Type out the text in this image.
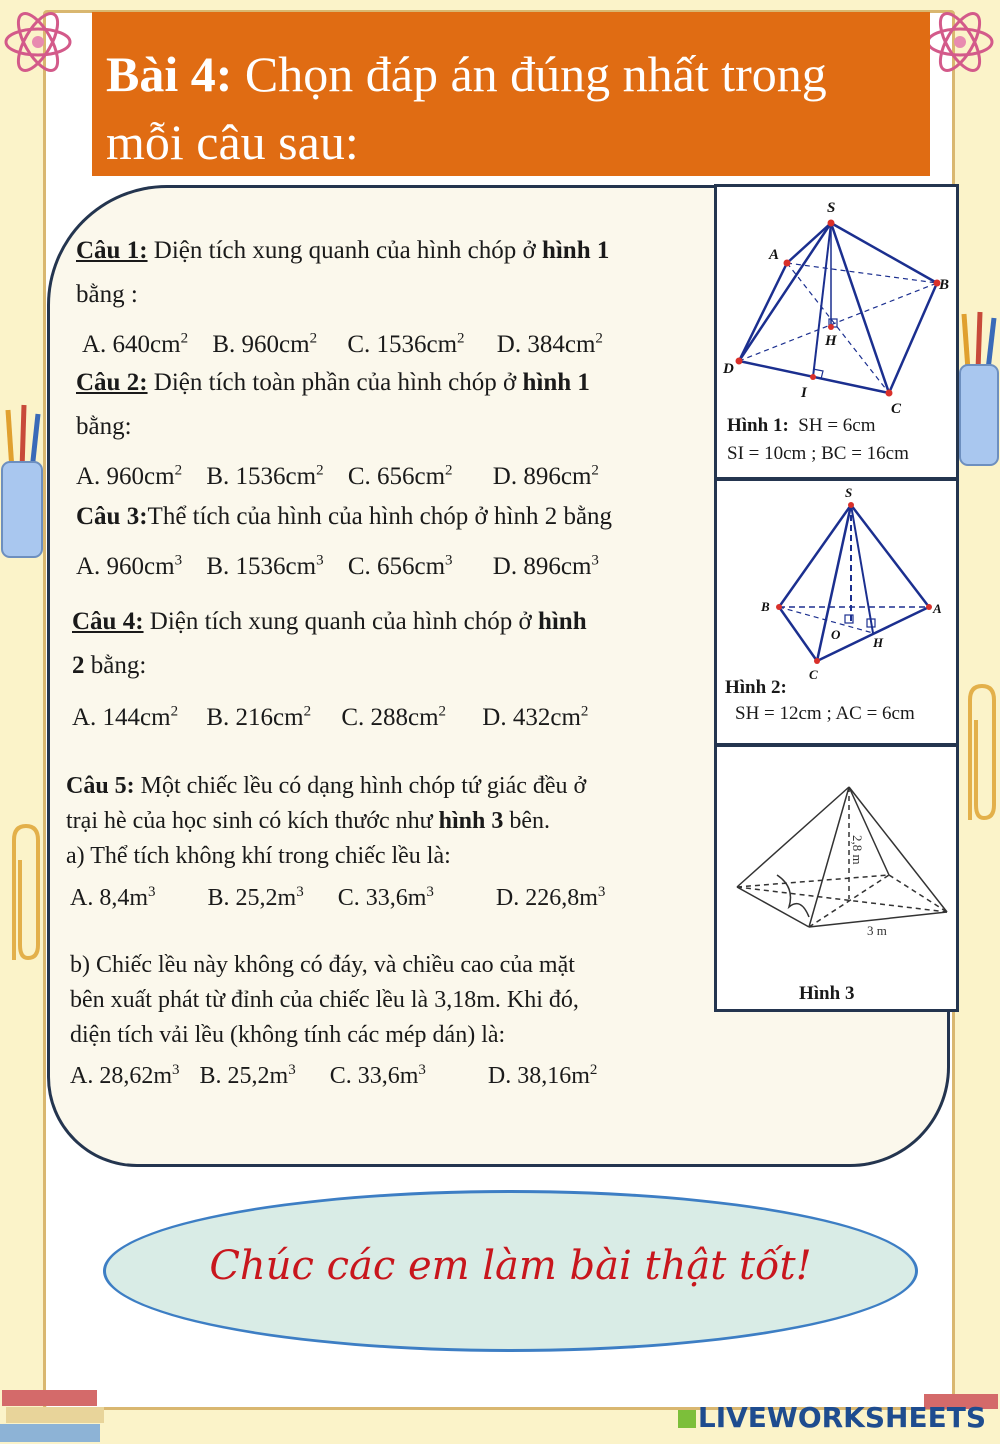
Bài 4: Chọn đáp án đúng nhất trong mỗi câu sau:
Câu 1: Diện tích xung quanh của hình chóp ở hình 1
bằng :
A. $640cm^2$ B. $960cm^2$ C. $1536cm^2$ D. $384cm^2$
Câu 2: Diện tích toàn phần của hình chóp ở hình 1
bằng:
A. $960cm^2$ B. $1536cm^2$ C. $656cm^2$ D. $896cm^2$
Câu 3:Thể tích của hình của hình chóp ở hình 2 bằng
A. $960cm^3$ B. $1536cm^3$ C. $656cm^3$ D. $896cm^3$
Câu 4: Diện tích xung quanh của hình chóp ở hình
2 bằng:
A. $144cm^2$ B. $216cm^2$ C. $288cm^2$ D. $432cm^2$
Câu 5: Một chiếc lều có dạng hình chóp tứ giác đều ở
trại hè của học sinh có kích thước như hình 3 bên.
a) Thể tích không khí trong chiếc lều là:
A. $8,4m^3$ B. $25,2m^3$ C. $33,6m^3$	D. $226,8m^3$
b) Chiếc lều này không có đáy, và chiều cao của mặt
bên xuất phát từ đỉnh của chiếc lều là 3,18m. Khi đó,
diện tích vải lều (không tính các mép dán) là:
A. $28,62m^3$ B. $25,2m^3$ C. $33,6m^3$	D. $38,16m^2$
S
A
B
D
C
H
I
Hình 1: SH = 6cm
SI = 10cm ; BC = 16cm
S
B	A
C
O
H
Hình 2:
SH = 12cm ; AC = 6cm
2,8 m
3 m
Hình 3
Chúc các em làm bài thật tốt!
LIVEWORKSHEETS
